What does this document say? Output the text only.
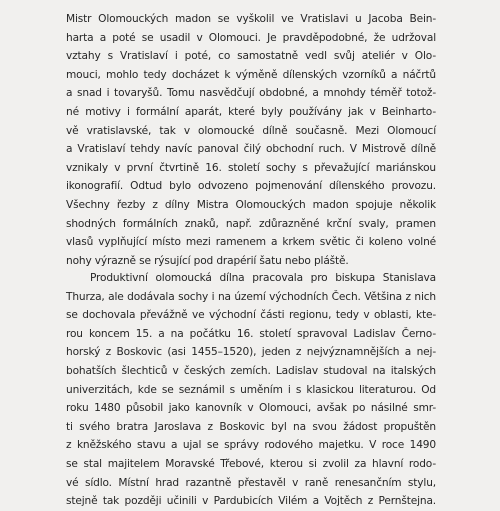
Mistr Olomouckých madon se vyškolil ve Vratislavi u Jacoba Bein-
harta a poté se usadil v Olomouci. Je pravděpodobné, že udržoval
vztahy s Vratislaví i poté, co samostatně vedl svůj ateliér v Olo-
mouci, mohlo tedy docházet k výměně dílenských vzorníků a náčrtů
a snad i tovaryšů. Tomu nasvědčují obdobné, a mnohdy téměř totož-
né motivy i formální aparát, které byly používány jak v Beinharto-
vě vratislavské, tak v olomoucké dílně současně. Mezi Olomoucí
a Vratislaví tehdy navíc panoval čilý obchodní ruch. V Mistrově dílně
vznikaly v první čtvrtině 16. století sochy s převažující mariánskou
ikonografií. Odtud bylo odvozeno pojmenování dílenského provozu.
Všechny řezby z dílny Mistra Olomouckých madon spojuje několik
shodných formálních znaků, např. zdůrazněné krční svaly, pramen
vlasů vyplňující místo mezi ramenem a krkem světic či koleno volné
nohy výrazně se rýsující pod drapérií šatu nebo pláště.
Produktivní olomoucká dílna pracovala pro biskupa Stanislava
Thurza, ale dodávala sochy i na území východních Čech. Většina z nich
se dochovala převážně ve východní části regionu, tedy v oblasti, kte-
rou koncem 15. a na počátku 16. století spravoval Ladislav Černo-
horský z Boskovic (asi 1455–1520), jeden z nejvýznamnějších a nej-
bohatších šlechticů v českých zemích. Ladislav studoval na italských
univerzitách, kde se seznámil s uměním i s klasickou literaturou. Od
roku 1480 působil jako kanovník v Olomouci, avšak po násilné smr-
ti svého bratra Jaroslava z Boskovic byl na svou žádost propuštěn
z kněžského stavu a ujal se správy rodového majetku. V roce 1490
se stal majitelem Moravské Třebové, kterou si zvolil za hlavní rodo-
vé sídlo. Místní hrad razantně přestavěl v raně renesančním stylu,
stejně tak později učinili v Pardubicích Vilém a Vojtěch z Pernštejna.
